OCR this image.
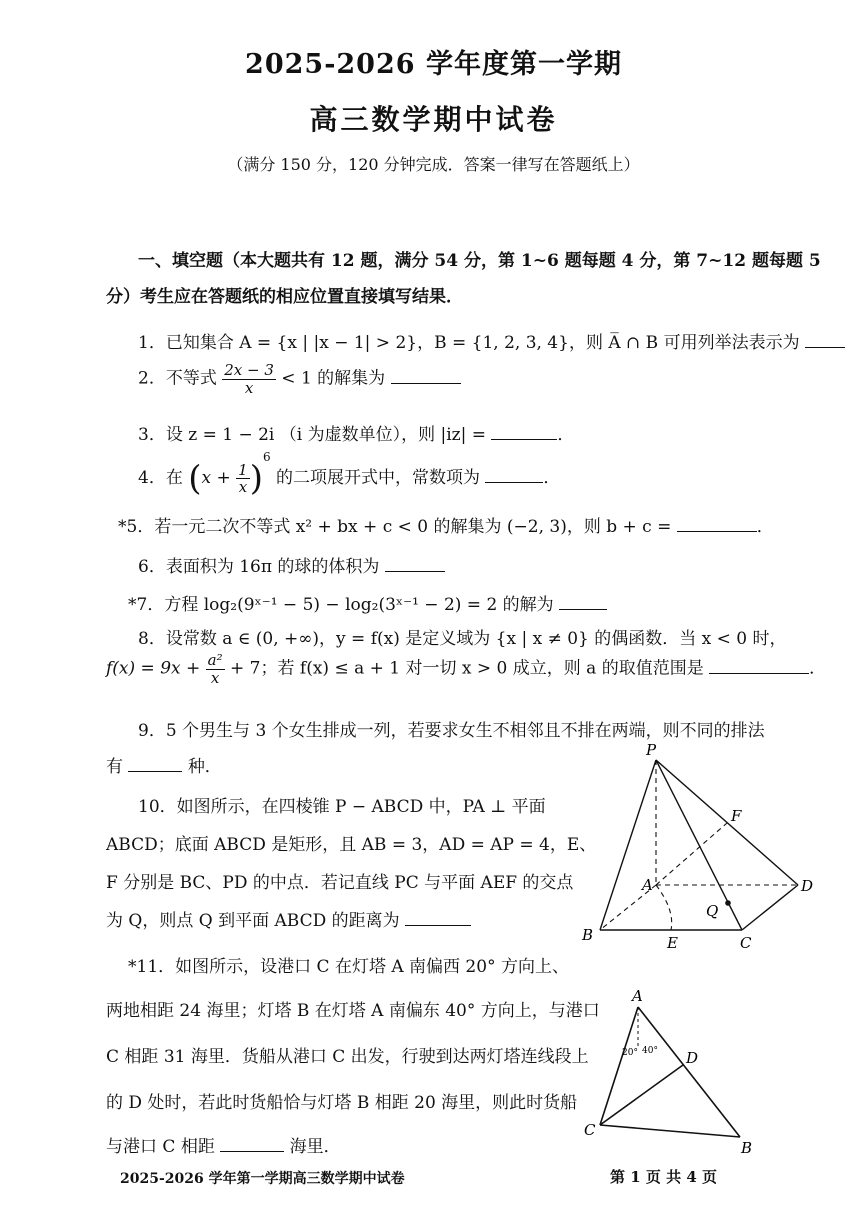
2025-2026 学年度第一学期
高三数学期中试卷
（满分 150 分，120 分钟完成．答案一律写在答题纸上）
一、填空题（本大题共有 12 题，满分 54 分，第 1~6 题每题 4 分，第 7~12 题每题 5
分）考生应在答题纸的相应位置直接填写结果．
1．已知集合 A = {x | |x − 1| > 2}，B = {1, 2, 3, 4}，则 A̅ ∩ B 可用列举法表示为
2．不等式 $\frac{2x - 3}{x} < 1$ 的解集为
3．设 z = 1 − 2i （i 为虚数单位），则 |iz| =	．
4．在 $(x + \frac{1}{x} )^6$ 的二项展开式中，常数项为	．
*5．若一元二次不等式 x² + bx + c < 0 的解集为 (−2, 3)，则 b + c =	．
6．表面积为 16π 的球的体积为
*7．方程 log₂(9ˣ⁻¹ − 5) − log₂(3ˣ⁻¹ − 2) = 2 的解为
8．设常数 a ∈ (0, +∞)，y = f(x) 是定义域为 {x | x ≠ 0} 的偶函数．当 x < 0 时，
$f(x) = 9x + \frac{\text{a²}}{x} + 7$；若 f(x) ≤ a + 1 对一切 x > 0 成立，则 a 的取值范围是	．
9．5 个男生与 3 个女生排成一列，若要求女生不相邻且不排在两端，则不同的排法
有	种．
10．如图所示，在四棱锥 P − ABCD 中，PA ⊥ 平面
ABCD；底面 ABCD 是矩形，且 AB = 3，AD = AP = 4，E、
F 分别是 BC、PD 的中点．若记直线 PC 与平面 AEF 的交点
为 Q，则点 Q 到平面 ABCD 的距离为
*11．如图所示，设港口 C 在灯塔 A 南偏西 20° 方向上、
两地相距 24 海里；灯塔 B 在灯塔 A 南偏东 40° 方向上，与港口
C 相距 31 海里．货船从港口 C 出发，行驶到达两灯塔连线段上
的 D 处时，若此时货船恰与灯塔 B 相距 20 海里，则此时货船
与港口 C 相距	海里．
P
F
A	D
Q
B	E	C
A
D
C
B
20° 40°
2025-2026 学年第一学期高三数学期中试卷	第 1 页 共 4 页
